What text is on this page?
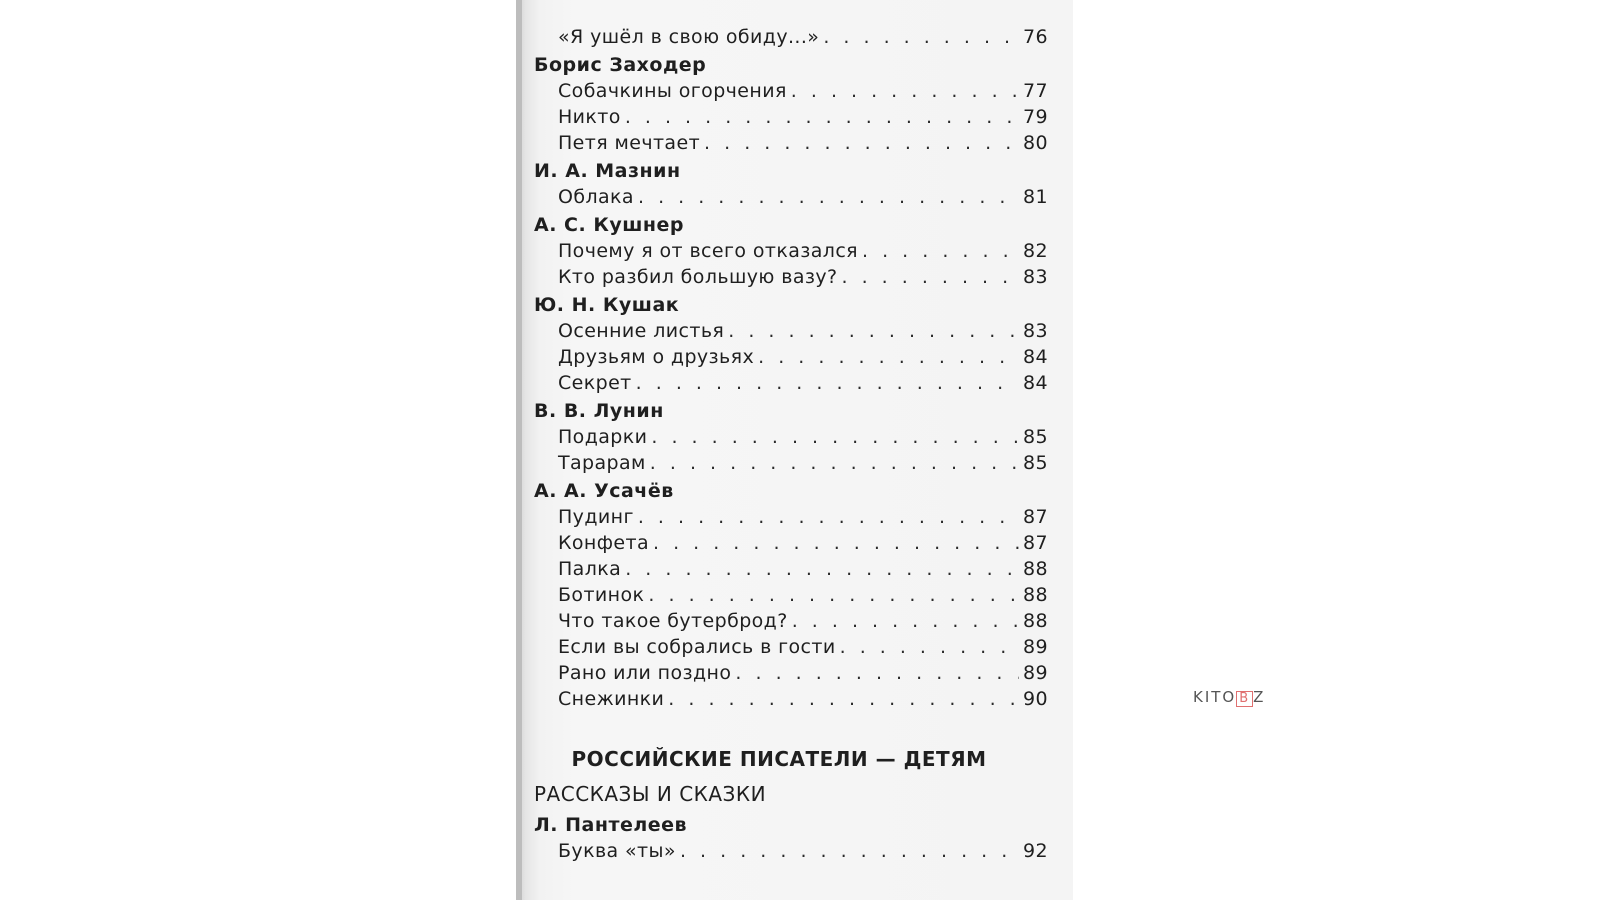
«Я ушёл в свою обиду...» . . .	76
Борис Заходер
Собачкины огорчения . . .	77
Никто . . .	79
Петя мечтает . . .	80
И. А. Мазнин
Облака . . .	81
А. С. Кушнер
Почему я от всего отказался . . .	82
Кто разбил большую вазу? . . .	83
Ю. Н. Кушак
Осенние листья . . .	83
Друзьям о друзьях . . .	84
Секрет . . .	84
В. В. Лунин
Подарки . . .	85
Тарарам . . .	85
А. А. Усачёв
Пудинг . . .	87
Конфета . . .	87
Палка . . .	88
Ботинок . . .	88
Что такое бутерброд? . . .	88
Если вы собрались в гости . . .	89
Рано или поздно . . .	89
Снежинки . . .	90
РОССИЙСКИЕ ПИСАТЕЛИ — ДЕТЯМ
РАССКАЗЫ И СКАЗКИ
Л. Пантелеев
Буква «ты» . . .	92
KITO B Z
